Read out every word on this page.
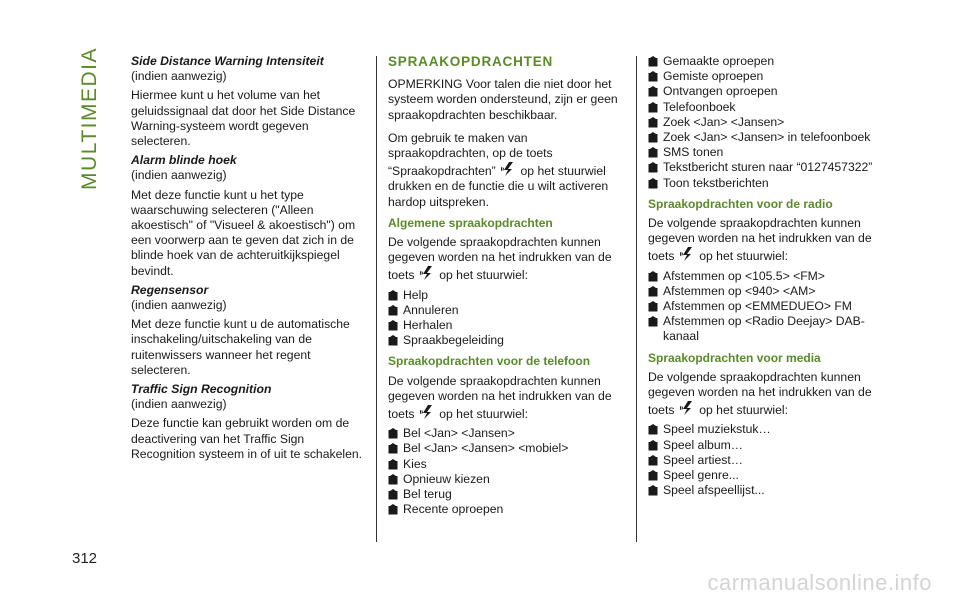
MULTIMEDIA Side Distance Warning Intensiteit

(indien aanwezig)

Hiermee kunt u het volume van het geluidssignaal dat door het Side Distance Warning-systeem wordt gegeven selecteren.

Alarm blinde hoek

(indien aanwezig)

Met deze functie kunt u het type waarschuwing selecteren ("Alleen akoestisch" of "Visueel & akoestisch") om een voorwerp aan te geven dat zich in de blinde hoek van de achteruitkijkspiegel bevindt.

Regensensor

(indien aanwezig)

Met deze functie kunt u de automatische inschakeling/uitschakeling van de ruitenwissers wanneer het regent selecteren.

Traffic Sign Recognition

(indien aanwezig)

Deze functie kan gebruikt worden om de deactivering van het Traffic Sign Recognition systeem in of uit te schakelen.

SPRAAKOPDRACHTEN

OPMERKING Voor talen die niet door het systeem worden ondersteund, zijn er geen spraakopdrachten beschikbaar.

Om gebruik te maken van spraakopdrachten, op de toets “Spraakopdrachten” op het stuurwiel drukken en de functie die u wilt activeren hardop uitspreken.

Algemene spraakopdrachten

De volgende spraakopdrachten kunnen gegeven worden na het indrukken van de toets op het stuurwiel:

Help
Annuleren
Herhalen
Spraakbegeleiding
Spraakopdrachten voor de telefoon

De volgende spraakopdrachten kunnen gegeven worden na het indrukken van de toets op het stuurwiel:

Bel <Jan> <Jansen>
Bel <Jan> <Jansen> <mobiel>
Kies
Opnieuw kiezen
Bel terug
Recente oproepen
Gemaakte oproepen
Gemiste oproepen
Ontvangen oproepen
Telefoonboek
Zoek <Jan> <Jansen>
Zoek <Jan> <Jansen> in telefoonboek
SMS tonen
Tekstbericht sturen naar “0127457322”
Toon tekstberichten
Spraakopdrachten voor de radio

De volgende spraakopdrachten kunnen gegeven worden na het indrukken van de toets op het stuurwiel:

Afstemmen op <105.5> <FM>
Afstemmen op <940> <AM>
Afstemmen op <EMMEDUEO> FM
Afstemmen op <Radio Deejay> DAB-kanaal
Spraakopdrachten voor media

De volgende spraakopdrachten kunnen gegeven worden na het indrukken van de toets op het stuurwiel:

Speel muziekstuk…
Speel album…
Speel artiest…
Speel genre...
Speel afspeellijst...
312
carmanualsonline.info
